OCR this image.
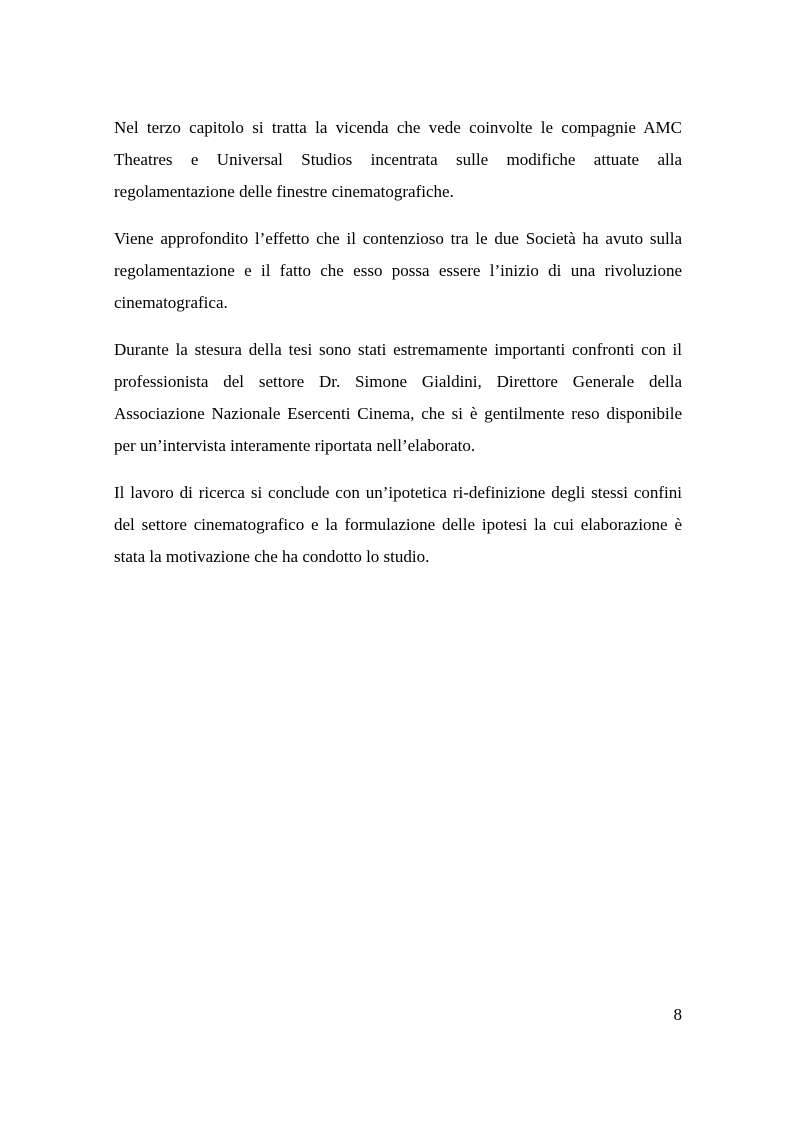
Nel terzo capitolo si tratta la vicenda che vede coinvolte le compagnie AMC Theatres e Universal Studios incentrata sulle modifiche attuate alla regolamentazione delle finestre cinematografiche.

Viene approfondito l’effetto che il contenzioso tra le due Società ha avuto sulla regolamentazione e il fatto che esso possa essere l’inizio di una rivoluzione cinematografica.

Durante la stesura della tesi sono stati estremamente importanti confronti con il professionista del settore Dr. Simone Gialdini, Direttore Generale della Associazione Nazionale Esercenti Cinema, che si è gentilmente reso disponibile per un’intervista interamente riportata nell’elaborato.

Il lavoro di ricerca si conclude con un’ipotetica ri-definizione degli stessi confini del settore cinematografico e la formulazione delle ipotesi la cui elaborazione è stata la motivazione che ha condotto lo studio.

8
